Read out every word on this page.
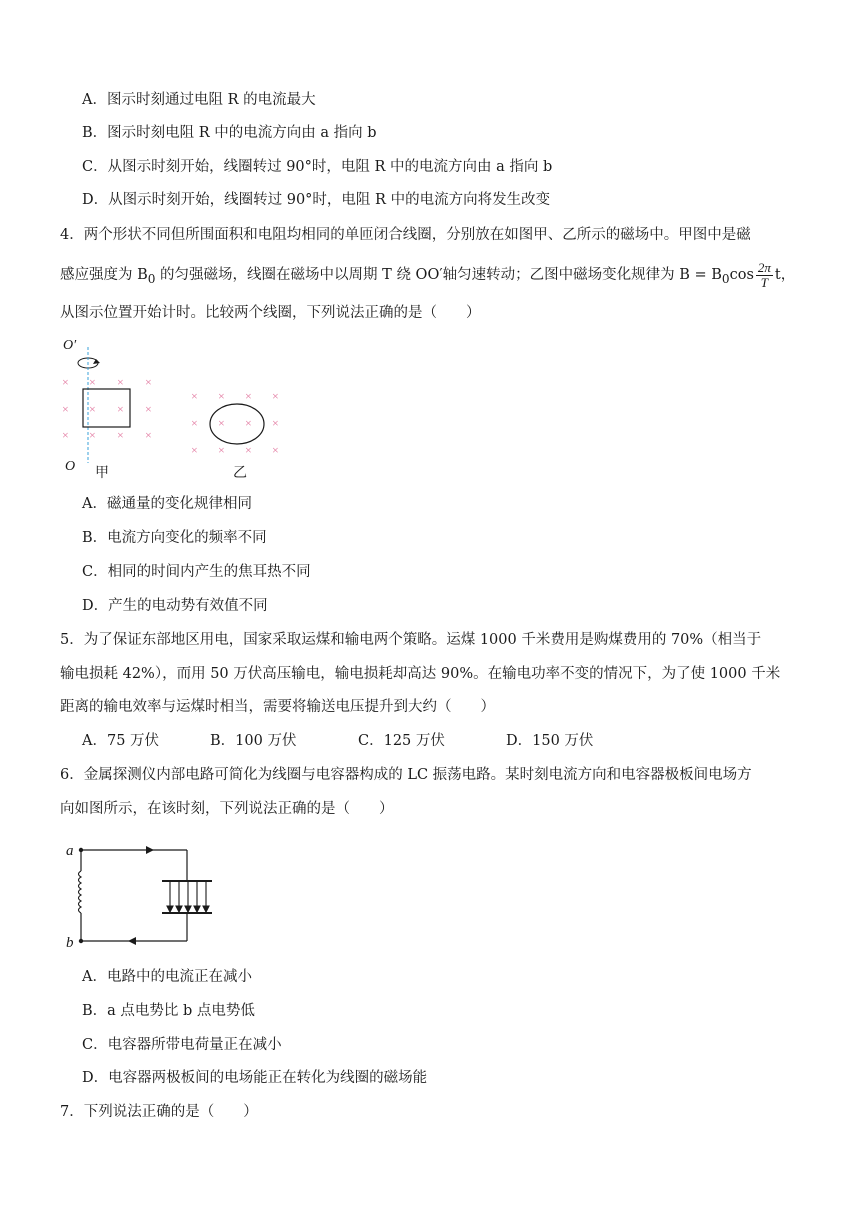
A．图示时刻通过电阻 R 的电流最大
B．图示时刻电阻 R 中的电流方向由 a 指向 b
C．从图示时刻开始，线圈转过 90°时，电阻 R 中的电流方向由 a 指向 b
D．从图示时刻开始，线圈转过 90°时，电阻 R 中的电流方向将发生改变
4．两个形状不同但所围面积和电阻均相同的单匝闭合线圈，分别放在如图甲、乙所示的磁场中。甲图中是磁
感应强度为 $B_0$ 的匀强磁场，线圈在磁场中以周期 T 绕 OO′轴匀速转动；乙图中磁场变化规律为 $B = B_0\cos \frac{2\pi}{T}$ t，
从图示位置开始计时。比较两个线圈，下列说法正确的是（　　）
O′
× × × ×
× × × ×
× × × ×
O 甲
× × × ×
× × × ×
× × × ×
乙
A．磁通量的变化规律相同
B．电流方向变化的频率不同
C．相同的时间内产生的焦耳热不同
D．产生的电动势有效值不同
5．为了保证东部地区用电，国家采取运煤和输电两个策略。运煤 1000 千米费用是购煤费用的 70%（相当于
输电损耗 42%），而用 50 万伏高压输电，输电损耗却高达 90%。在输电功率不变的情况下，为了使 1000 千米
距离的输电效率与运煤时相当，需要将输送电压提升到大约（　　）
A．75 万伏	B．100 万伏	C．125 万伏	D．150 万伏
6．金属探测仪内部电路可简化为线圈与电容器构成的 LC 振荡电路。某时刻电流方向和电容器极板间电场方
向如图所示，在该时刻，下列说法正确的是（　　）
a
b
A．电路中的电流正在减小
B．a 点电势比 b 点电势低
C．电容器所带电荷量正在减小
D．电容器两极板间的电场能正在转化为线圈的磁场能
7．下列说法正确的是（　　）
